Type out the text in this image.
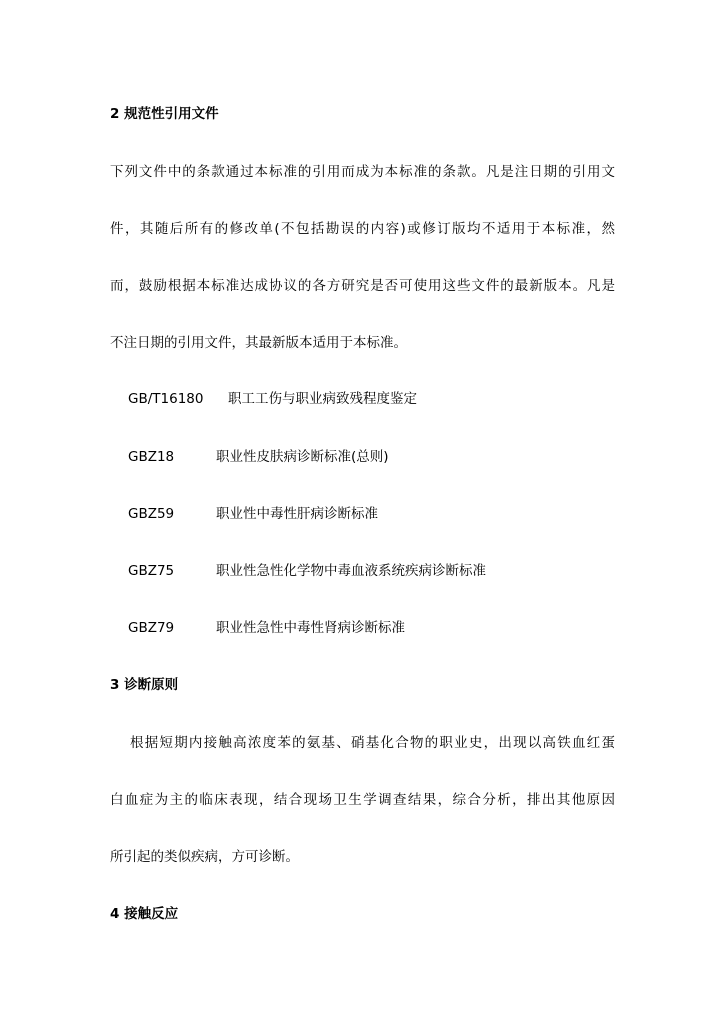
2 规范性引用文件
下列文件中的条款通过本标准的引用而成为本标准的条款。凡是注日期的引用文
件，其随后所有的修改单(不包括勘误的内容)或修订版均不适用于本标准，然
而，鼓励根据本标准达成协议的各方研究是否可使用这些文件的最新版本。凡是
不注日期的引用文件，其最新版本适用于本标准。
GB/T16180 职工工伤与职业病致残程度鉴定
GBZ18	职业性皮肤病诊断标准(总则)
GBZ59	职业性中毒性肝病诊断标准
GBZ75	职业性急性化学物中毒血液系统疾病诊断标准
GBZ79	职业性急性中毒性肾病诊断标准
3 诊断原则
根据短期内接触高浓度苯的氨基、硝基化合物的职业史，出现以高铁血红蛋
白血症为主的临床表现，结合现场卫生学调查结果，综合分析，排出其他原因
所引起的类似疾病，方可诊断。
4 接触反应
